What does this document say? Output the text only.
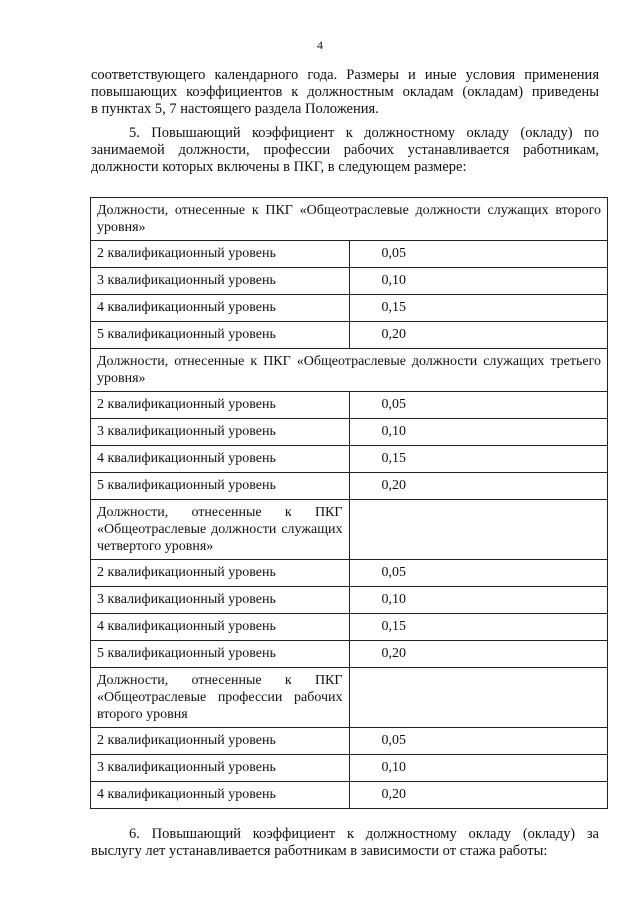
4
соответствующего календарного года. Размеры и иные условия применения
повышающих коэффициентов к должностным окладам (окладам) приведены
в пунктах 5, 7 настоящего раздела Положения.
5. Повышающий коэффициент к должностному окладу (окладу) по
занимаемой должности, профессии рабочих устанавливается работникам,
должности которых включены в ПКГ, в следующем размере:
Должности, отнесенные к ПКГ «Общеотраслевые должности служащих второго уровня»	
2 квалификационный уровень	0,05
3 квалификационный уровень	0,10
4 квалификационный уровень	0,15
5 квалификационный уровень	0,20
Должности, отнесенные к ПКГ «Общеотраслевые должности служащих третьего уровня»	
2 квалификационный уровень	0,05
3 квалификационный уровень	0,10
4 квалификационный уровень	0,15
5 квалификационный уровень	0,20
Должности, отнесенные к ПКГ «Общеотраслевые должности служащих четвертого уровня»	
2 квалификационный уровень	0,05
3 квалификационный уровень	0,10
4 квалификационный уровень	0,15
5 квалификационный уровень	0,20
Должности, отнесенные к ПКГ «Общеотраслевые профессии рабочих второго уровня	
2 квалификационный уровень	0,05
3 квалификационный уровень	0,10
4 квалификационный уровень	0,20
6. Повышающий коэффициент к должностному окладу (окладу) за
выслугу лет устанавливается работникам в зависимости от стажа работы:
